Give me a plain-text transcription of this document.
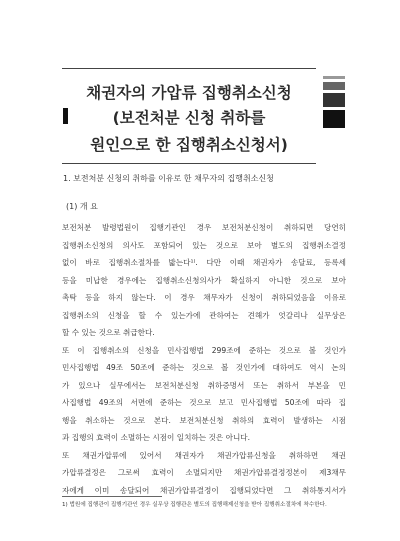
채권자의 가압류 집행취소신청
(보전처분 신청 취하를
원인으로 한 집행취소신청서)
1. 보전처분 신청의 취하를 이유로 한 채무자의 집행취소신청
(1) 개 요

보전처분 발령법원이 집행기관인 경우 보전처분신청이 취하되면 당연히

집행취소신청의 의사도 포함되어 있는 것으로 보아 별도의 집행취소결정

없이 바로 집행취소절차를 밟는다¹⁾. 다만 이때 채권자가 송달료, 등록세

등을 미납한 경우에는 집행취소신청의사가 확실하지 아니한 것으로 보아

촉탁 등을 하지 않는다. 이 경우 채무자가 신청이 취하되었음을 이유로

집행취소의 신청을 할 수 있는가에 관하여는 견해가 엇갈리나 실무상은

할 수 있는 것으로 취급한다.

또 이 집행취소의 신청을 민사집행법 299조에 준하는 것으로 볼 것인가

민사집행법 49조 50조에 준하는 것으로 볼 것인가에 대하여도 역시 논의

가 있으나 실무에서는 보전처분신청 취하증명서 또는 취하서 부본을 민

사집행법 49조의 서면에 준하는 것으로 보고 민사집행법 50조에 따라 집

행을 취소하는 것으로 본다. 보전처분신청 취하의 효력이 발생하는 시점

과 집행의 효력이 소멸하는 시점이 일치하는 것은 아니다.

또 채권가압류에 있어서 채권자가 채권가압류신청을 취하하면 채권

가압류결정은 그로써 효력이 소멸되지만 채권가압류결정정본이 제3채무

자에게 이미 송달되어 채권가압류결정이 집행되었다면 그 취하통지서가

1) 법원에 집행관이 집행기관인 경우 실무상 집행관은 별도의 집행해제신청을 받아 집행취소절차에 착수한다.
